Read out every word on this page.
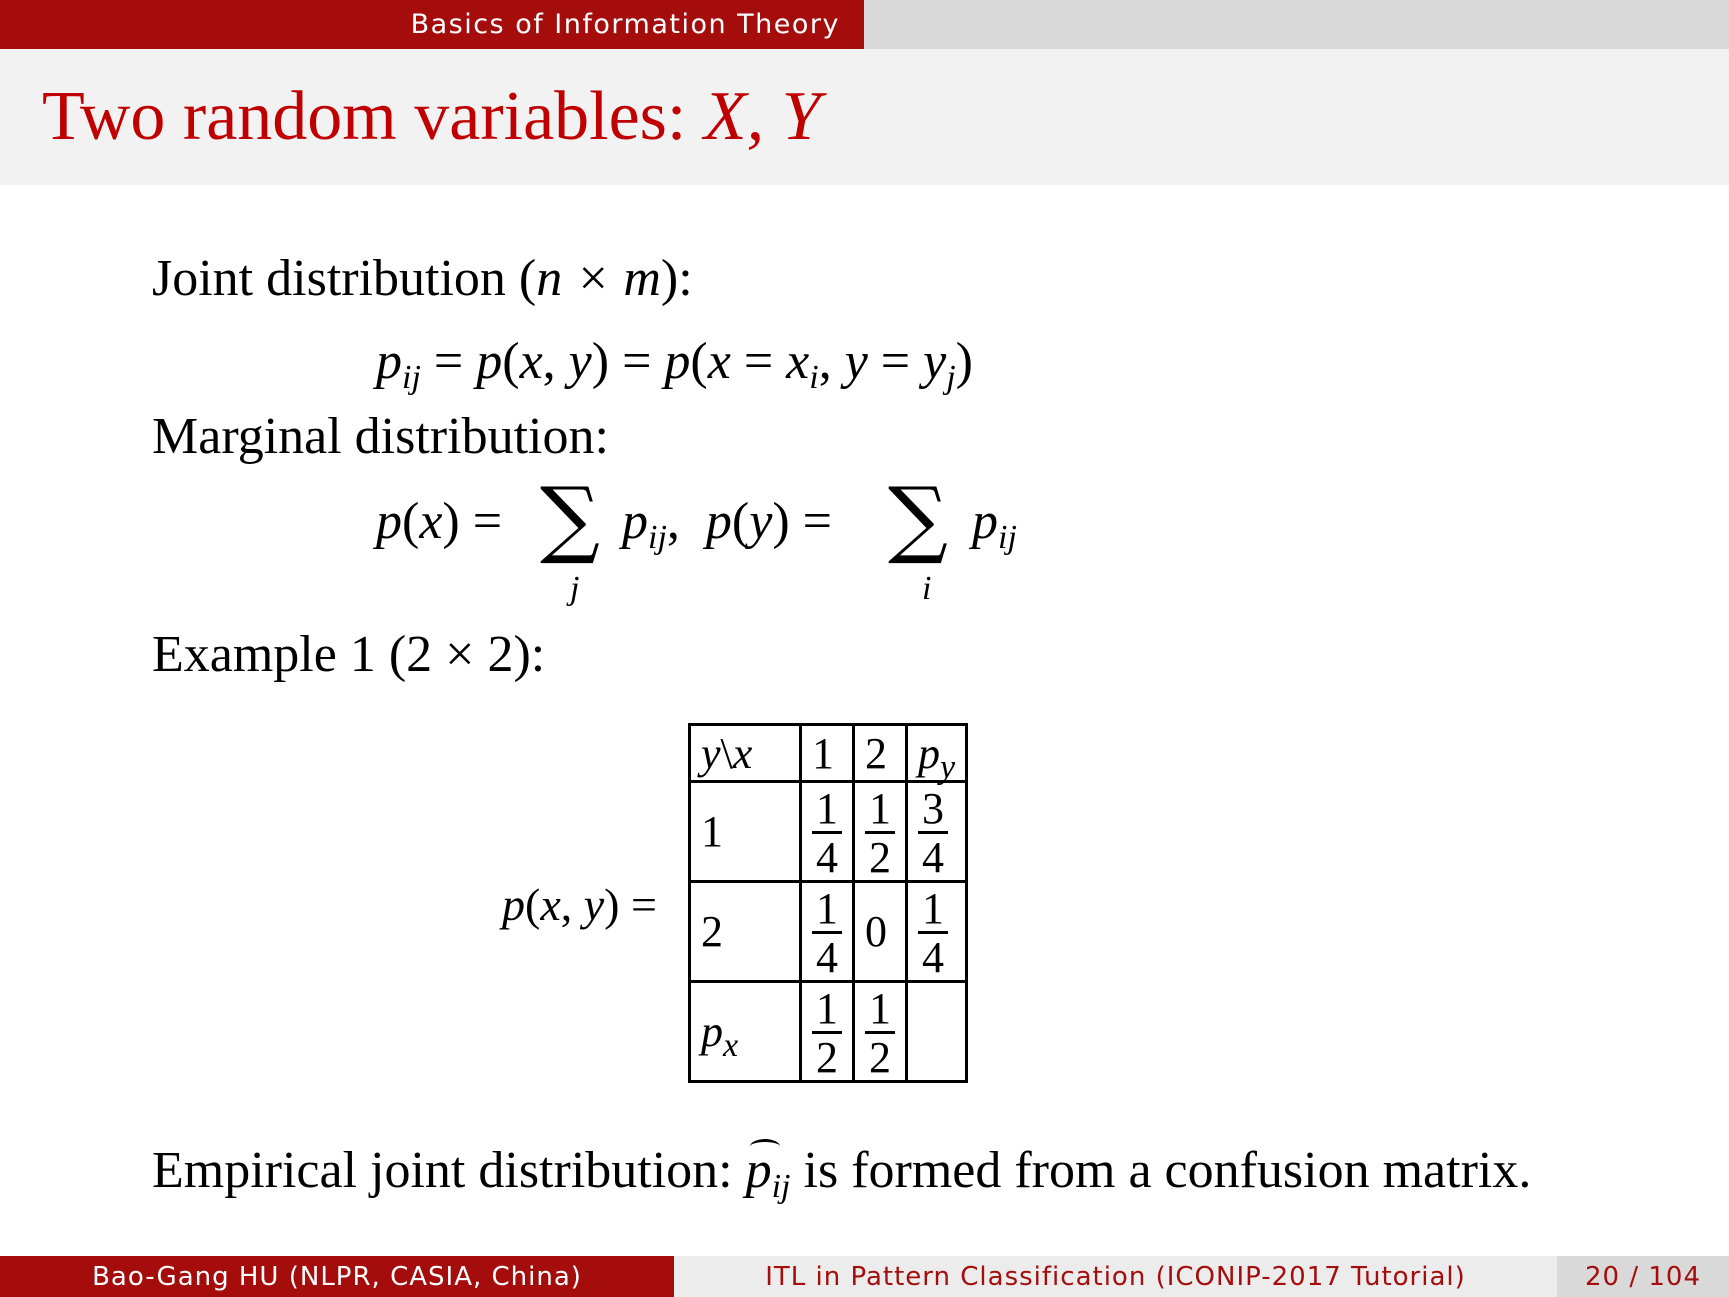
Basics of Information Theory
Two random variables: X, Y
Joint distribution (n × m):
$p_{ij} = p(x$, $y) = p(x = x_i$, $y = y_j$)
Marginal distribution:
p(x) = ∑
j
$p_{ij}$,  p(y) = ∑
i
$p_{ij}$
Example 1 (2 × 2):
p(x, y) =
y\x	1	2	$p_y$
1	$\frac{1}{4}$	$\frac{1}{2}$	$\frac{3}{4}$

2	$\frac{1}{4}$	0	$\frac{1}{4}$

$p_x$	$\frac{1}{2}$	$\frac{1}{2}$

Empirical joint distribution: $p_{ij}$ is formed from a confusion matrix.
Bao-Gang HU (NLPR, CASIA, China)	ITL in Pattern Classification (ICONIP-2017 Tutorial)	20 / 104
